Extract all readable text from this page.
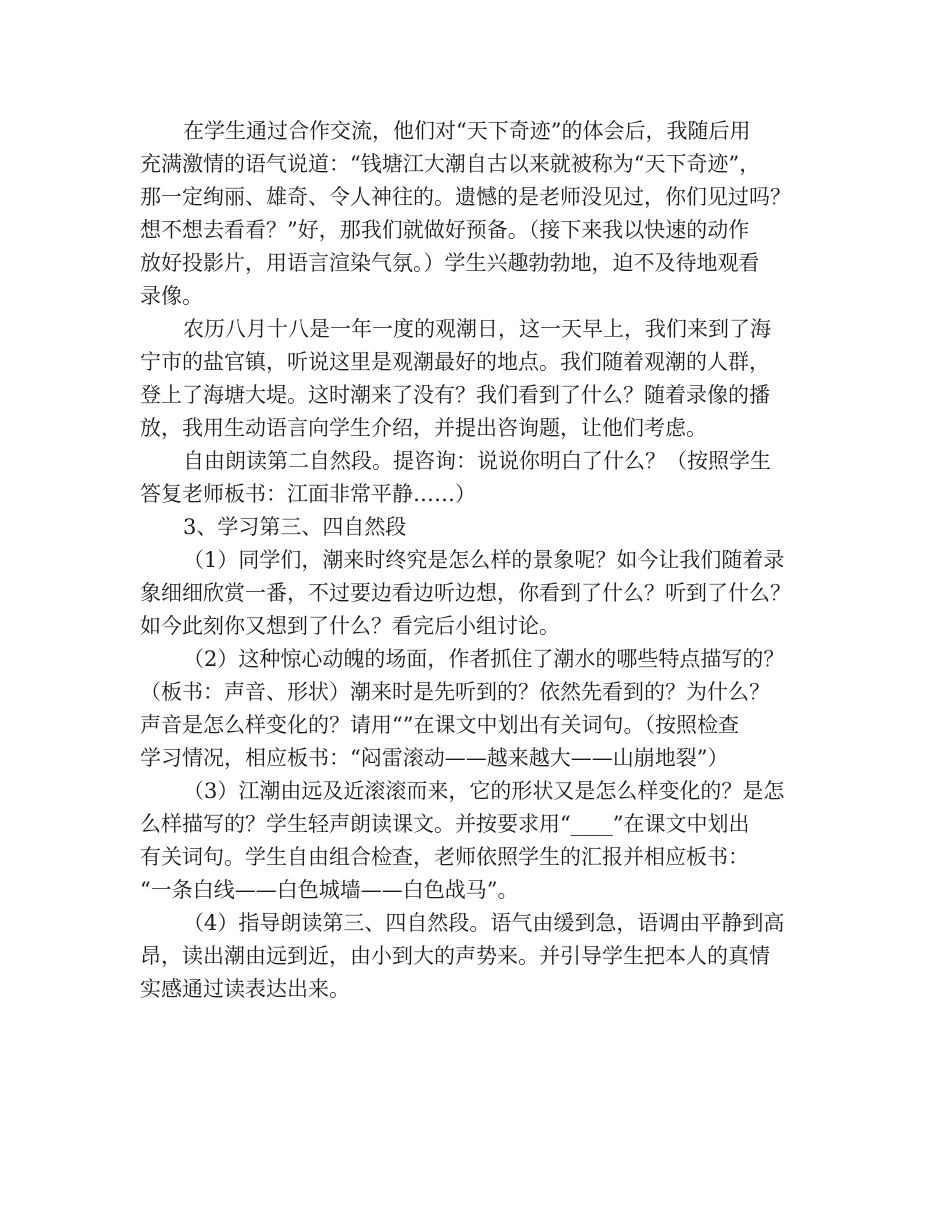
在学生通过合作交流，他们对“天下奇迹”的体会后，我随后用
充满激情的语气说道：“钱塘江大潮自古以来就被称为“天下奇迹”，
那一定绚丽、雄奇、令人神往的。遗憾的是老师没见过，你们见过吗？
想不想去看看？”好，那我们就做好预备。（接下来我以快速的动作
放好投影片，用语言渲染气氛。）学生兴趣勃勃地，迫不及待地观看
录像。
农历八月十八是一年一度的观潮日，这一天早上，我们来到了海
宁市的盐官镇，听说这里是观潮最好的地点。我们随着观潮的人群，
登上了海塘大堤。这时潮来了没有？我们看到了什么？随着录像的播
放，我用生动语言向学生介绍，并提出咨询题，让他们考虑。
自由朗读第二自然段。提咨询：说说你明白了什么？（按照学生
答复老师板书：江面非常平静……）
3、学习第三、四自然段
（1）同学们，潮来时终究是怎么样的景象呢？如今让我们随着录
象细细欣赏一番，不过要边看边听边想，你看到了什么？听到了什么？
如今此刻你又想到了什么？看完后小组讨论。
（2）这种惊心动魄的场面，作者抓住了潮水的哪些特点描写的？
（板书：声音、形状）潮来时是先听到的？依然先看到的？为什么？
声音是怎么样变化的？请用“”在课文中划出有关词句。（按照检查
学习情况，相应板书：“闷雷滚动——越来越大——山崩地裂”）
（3）江潮由远及近滚滚而来，它的形状又是怎么样变化的？是怎
么样描写的？学生轻声朗读课文。并按要求用“____”在课文中划出
有关词句。学生自由组合检查，老师依照学生的汇报并相应板书：
“一条白线——白色城墙——白色战马”。
（4）指导朗读第三、四自然段。语气由缓到急，语调由平静到高
昂，读出潮由远到近，由小到大的声势来。并引导学生把本人的真情
实感通过读表达出来。
